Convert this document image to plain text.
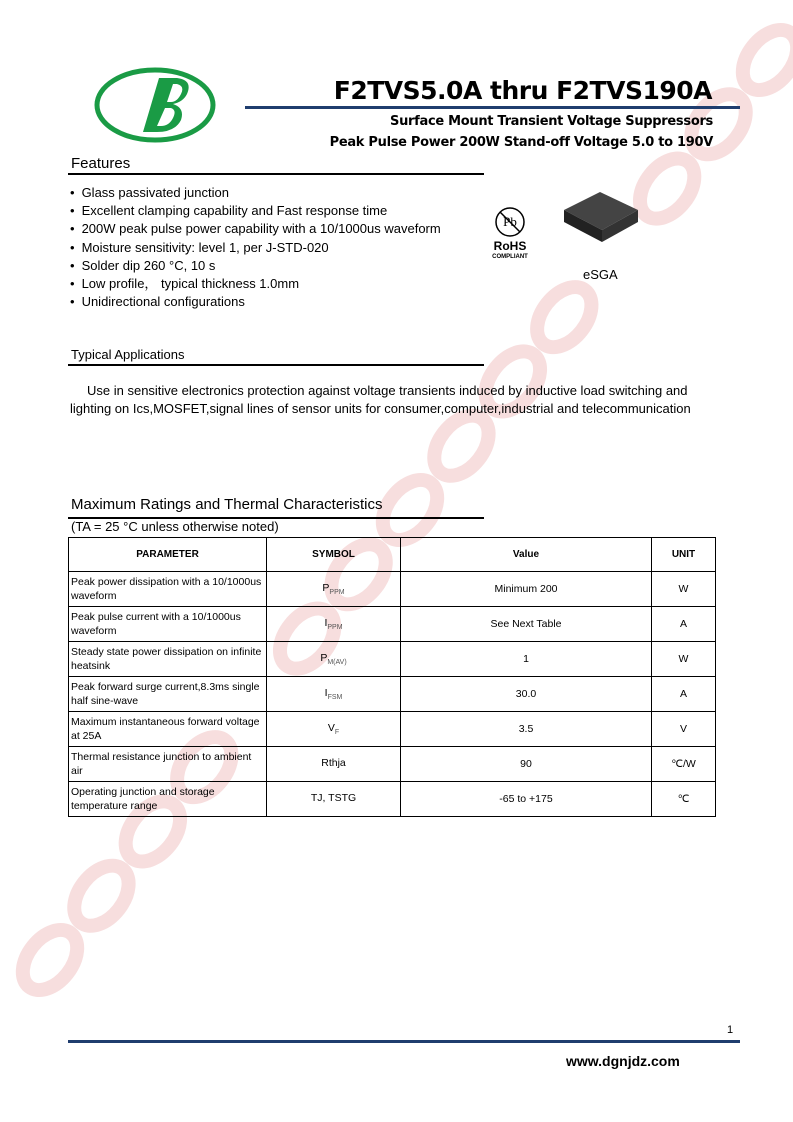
F2TVS5.0A thru F2TVS190A
Surface Mount Transient Voltage Suppressors
Peak Pulse Power 200W Stand-off Voltage 5.0 to 190V
Features
• Glass passivated junction
• Excellent clamping capability and Fast response time
• 200W peak pulse power capability with a 10/1000us waveform
• Moisture sensitivity: level 1, per J-STD-020
• Solder dip 260 °C, 10 s
• Low profile， typical thickness 1.0mm
• Unidirectional configurations
Pb
RoHS
COMPLIANT
eSGA
Typical Applications
Use in sensitive electronics protection against voltage transients induced by inductive load switching and lighting on Ics,MOSFET,signal lines of sensor units for consumer,computer,industrial and telecommunication
Maximum Ratings and Thermal Characteristics
(TA = 25 °C unless otherwise noted)
PARAMETER	SYMBOL	Value	UNIT
Peak power dissipation with a 10/1000us waveform	$P_{PPM}$	Minimum 200	W
Peak pulse current with a 10/1000us waveform	$I_{PPM}$	See Next Table	A
Steady state power dissipation on infinite heatsink	$P_{M(AV)}$	1	W
Peak forward surge current,8.3ms single half sine-wave	$I_{FSM}$	30.0	A
Maximum instantaneous forward voltage at 25A	$V_F$	3.5	V
Thermal resistance junction to ambient air	Rthja	90	℃/W
Operating junction and storage temperature range	TJ, TSTG	-65 to +175	℃
1
www.dgnjdz.com
